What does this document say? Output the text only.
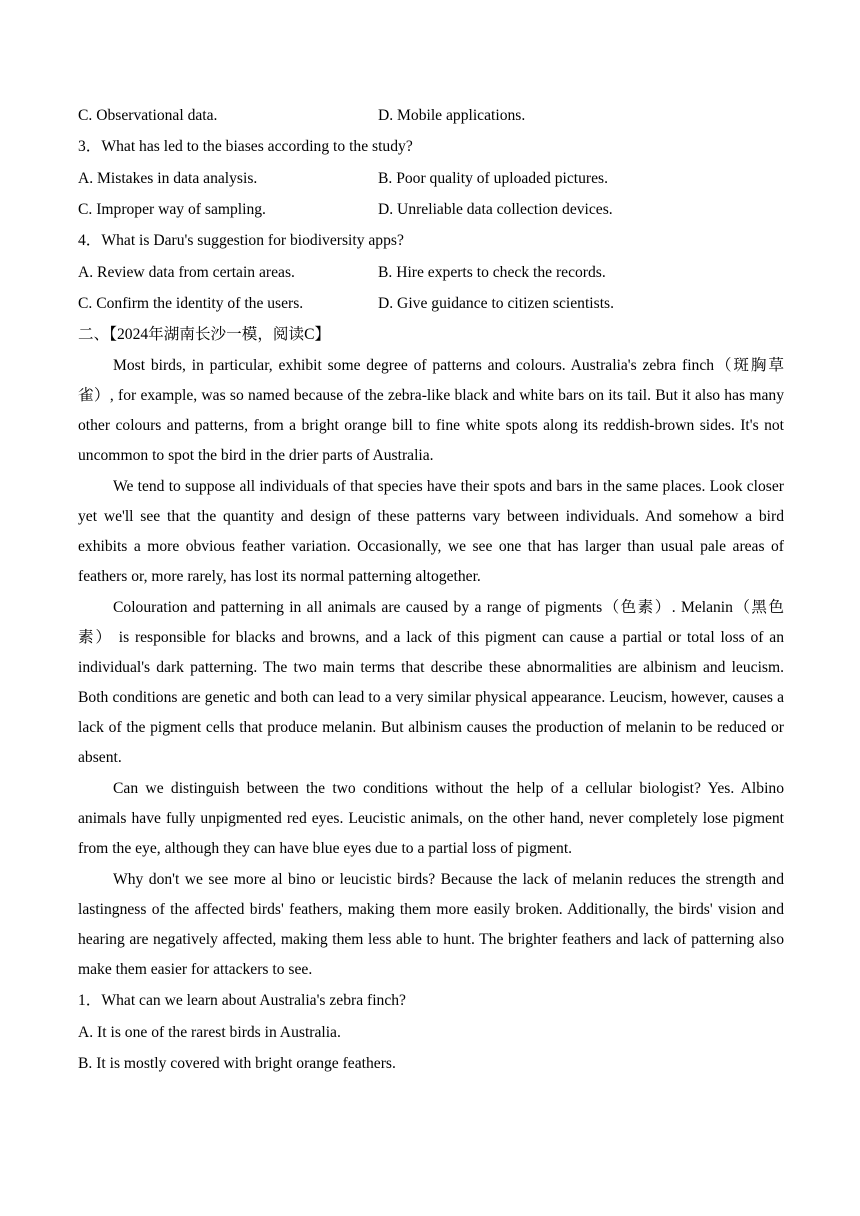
C. Observational data.	D. Mobile applications.
3．What has led to the biases according to the study?
A. Mistakes in data analysis.	B. Poor quality of uploaded pictures.
C. Improper way of sampling.	D. Unreliable data collection devices.
4．What is Daru's suggestion for biodiversity apps?
A. Review data from certain areas.	B. Hire experts to check the records.
C. Confirm the identity of the users.	D. Give guidance to citizen scientists.
二、【2024年湖南长沙一模，阅读C】

Most birds, in particular, exhibit some degree of patterns and colours. Australia's zebra finch（斑胸草雀）, for example, was so named because of the zebra-like black and white bars on its tail. But it also has many other colours and patterns, from a bright orange bill to fine white spots along its reddish-brown sides. It's not uncommon to spot the bird in the drier parts of Australia.

We tend to suppose all individuals of that species have their spots and bars in the same places. Look closer yet we'll see that the quantity and design of these patterns vary between individuals. And somehow a bird exhibits a more obvious feather variation. Occasionally, we see one that has larger than usual pale areas of feathers or, more rarely, has lost its normal patterning altogether.

Colouration and patterning in all animals are caused by a range of pigments（色素）. Melanin（黑色素） is responsible for blacks and browns, and a lack of this pigment can cause a partial or total loss of an individual's dark patterning. The two main terms that describe these abnormalities are albinism and leucism. Both conditions are genetic and both can lead to a very similar physical appearance. Leucism, however, causes a lack of the pigment cells that produce melanin. But albinism causes the production of melanin to be reduced or absent.

Can we distinguish between the two conditions without the help of a cellular biologist? Yes. Albino animals have fully unpigmented red eyes. Leucistic animals, on the other hand, never completely lose pigment from the eye, although they can have blue eyes due to a partial loss of pigment.

Why don't we see more al bino or leucistic birds? Because the lack of melanin reduces the strength and lastingness of the affected birds' feathers, making them more easily broken. Additionally, the birds' vision and hearing are negatively affected, making them less able to hunt. The brighter feathers and lack of patterning also make them easier for attackers to see.

1．What can we learn about Australia's zebra finch?
A. It is one of the rarest birds in Australia.
B. It is mostly covered with bright orange feathers.
